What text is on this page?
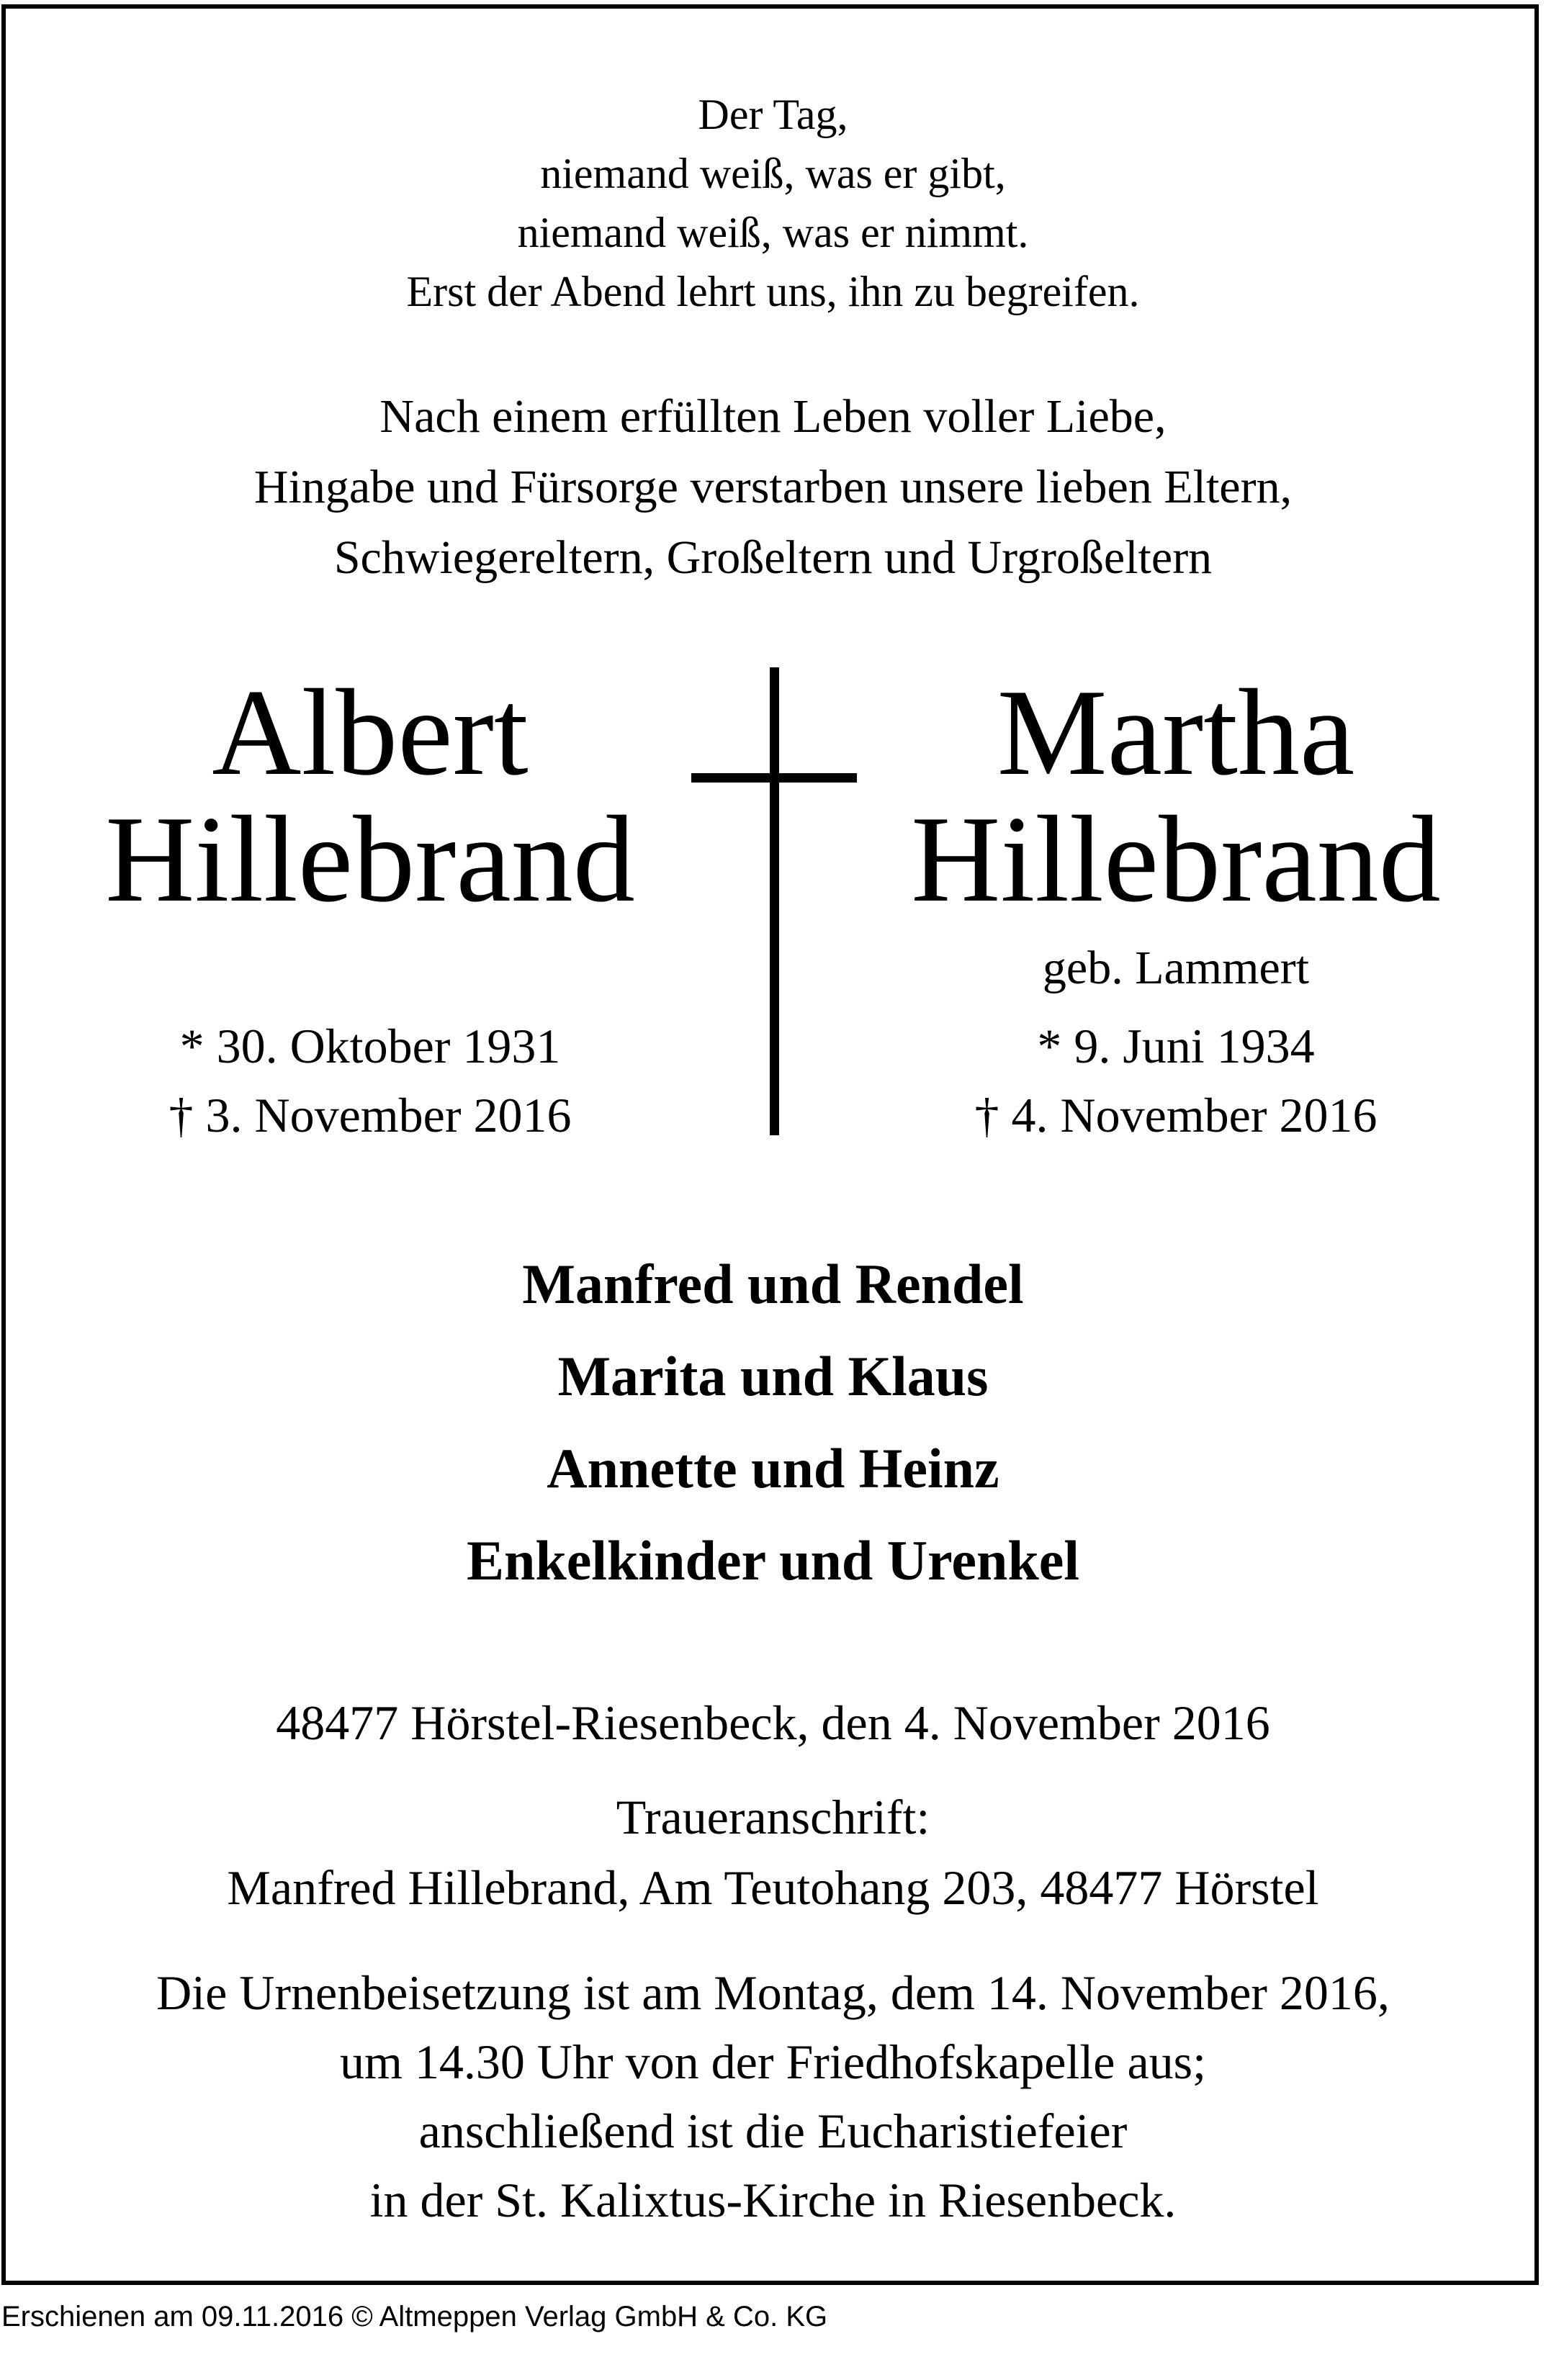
Der Tag,
niemand weiß, was er gibt,
niemand weiß, was er nimmt.
Erst der Abend lehrt uns, ihn zu begreifen.
Nach einem erfüllten Leben voller Liebe,
Hingabe und Fürsorge verstarben unsere lieben Eltern,
Schwiegereltern, Großeltern und Urgroßeltern
Albert
Hillebrand
Martha
Hillebrand
geb. Lammert
* 30. Oktober 1931
† 3. November 2016
* 9. Juni 1934
† 4. November 2016
Manfred und Rendel
Marita und Klaus
Annette und Heinz
Enkelkinder und Urenkel
48477 Hörstel-Riesenbeck, den 4. November 2016
Traueranschrift:
Manfred Hillebrand, Am Teutohang 203, 48477 Hörstel
Die Urnenbeisetzung ist am Montag, dem 14. November 2016,
um 14.30 Uhr von der Friedhofskapelle aus;
anschließend ist die Eucharistiefeier
in der St. Kalixtus-Kirche in Riesenbeck.
Erschienen am 09.11.2016 © Altmeppen Verlag GmbH & Co. KG
